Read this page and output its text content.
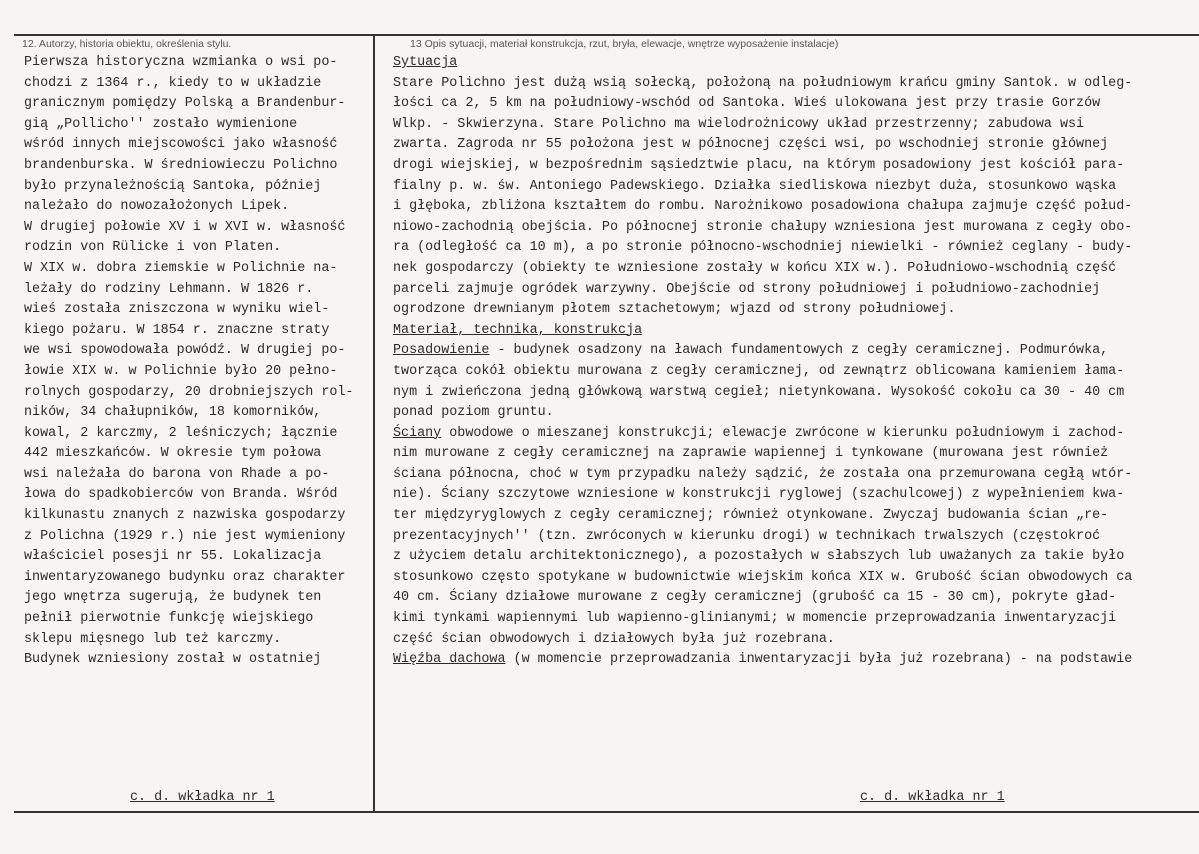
12. Autorzy, historia obiektu, określenia stylu.	13 Opis sytuacji, materiał konstrukcja, rzut, bryła, elewacje, wnętrze wyposażenie instalacje)
Pierwsza historyczna wzmianka o wsi po-
chodzi z 1364 r., kiedy to w układzie
granicznym pomiędzy Polską a Brandenbur-
gią „Pollicho'' zostało wymienione
wśród innych miejscowości jako własność
brandenburska. W średniowieczu Polichno
było przynależnością Santoka, później
należało do nowozałożonych Lipek.
W drugiej połowie XV i w XVI w. własność
rodzin von Rülicke i von Platen.
W XIX w. dobra ziemskie w Polichnie na-
leżały do rodziny Lehmann. W 1826 r.
wieś została zniszczona w wyniku wiel-
kiego pożaru. W 1854 r. znaczne straty
we wsi spowodowała powódź. W drugiej po-
łowie XIX w. w Polichnie było 20 pełno-
rolnych gospodarzy, 20 drobniejszych rol-
ników, 34 chałupników, 18 komorników,
kowal, 2 karczmy, 2 leśniczych; łącznie
442 mieszkańców. W okresie tym połowa
wsi należała do barona von Rhade a po-
łowa do spadkobierców von Branda. Wśród
kilkunastu znanych z nazwiska gospodarzy
z Polichna (1929 r.) nie jest wymieniony
właściciel posesji nr 55. Lokalizacja
inwentaryzowanego budynku oraz charakter
jego wnętrza sugerują, że budynek ten
pełnił pierwotnie funkcję wiejskiego
sklepu mięsnego lub też karczmy.
Budynek wzniesiony został w ostatniej
Sytuacja
Stare Polichno jest dużą wsią sołecką, położoną na południowym krańcu gminy Santok. w odleg-
łości ca 2, 5 km na południowy-wschód od Santoka. Wieś ulokowana jest przy trasie Gorzów
Wlkp. - Skwierzyna. Stare Polichno ma wielodrożnicowy układ przestrzenny; zabudowa wsi
zwarta. Zagroda nr 55 położona jest w północnej części wsi, po wschodniej stronie głównej
drogi wiejskiej, w bezpośrednim sąsiedztwie placu, na którym posadowiony jest kościół para-
fialny p. w. św. Antoniego Padewskiego. Działka siedliskowa niezbyt duża, stosunkowo wąska
i głęboka, zbliżona kształtem do rombu. Narożnikowo posadowiona chałupa zajmuje część połud-
niowo-zachodnią obejścia. Po północnej stronie chałupy wzniesiona jest murowana z cegły obo-
ra (odległość ca 10 m), a po stronie północno-wschodniej niewielki - również ceglany - budy-
nek gospodarczy (obiekty te wzniesione zostały w końcu XIX w.). Południowo-wschodnią część
parceli zajmuje ogródek warzywny. Obejście od strony południowej i południowo-zachodniej
ogrodzone drewnianym płotem sztachetowym; wjazd od strony południowej.
Materiał, technika, konstrukcja
Posadowienie - budynek osadzony na ławach fundamentowych z cegły ceramicznej. Podmurówka,
tworząca cokół obiektu murowana z cegły ceramicznej, od zewnątrz oblicowana kamieniem łama-
nym i zwieńczona jedną główkową warstwą cegieł; nietynkowana. Wysokość cokołu ca 30 - 40 cm
ponad poziom gruntu.
Ściany obwodowe o mieszanej konstrukcji; elewacje zwrócone w kierunku południowym i zachod-
nim murowane z cegły ceramicznej na zaprawie wapiennej i tynkowane (murowana jest również
ściana północna, choć w tym przypadku należy sądzić, że została ona przemurowana cegłą wtór-
nie). Ściany szczytowe wzniesione w konstrukcji ryglowej (szachulcowej) z wypełnieniem kwa-
ter międzyryglowych z cegły ceramicznej; również otynkowane. Zwyczaj budowania ścian „re-
prezentacyjnych'' (tzn. zwróconych w kierunku drogi) w technikach trwalszych (częstokroć
z użyciem detalu architektonicznego), a pozostałych w słabszych lub uważanych za takie było
stosunkowo często spotykane w budownictwie wiejskim końca XIX w. Grubość ścian obwodowych ca
40 cm. Ściany działowe murowane z cegły ceramicznej (grubość ca 15 - 30 cm), pokryte gład-
kimi tynkami wapiennymi lub wapienno-glinianymi; w momencie przeprowadzania inwentaryzacji
część ścian obwodowych i działowych była już rozebrana.
Więźba dachowa (w momencie przeprowadzania inwentaryzacji była już rozebrana) - na podstawie
c. d. wkładka nr 1	c. d. wkładka nr 1
